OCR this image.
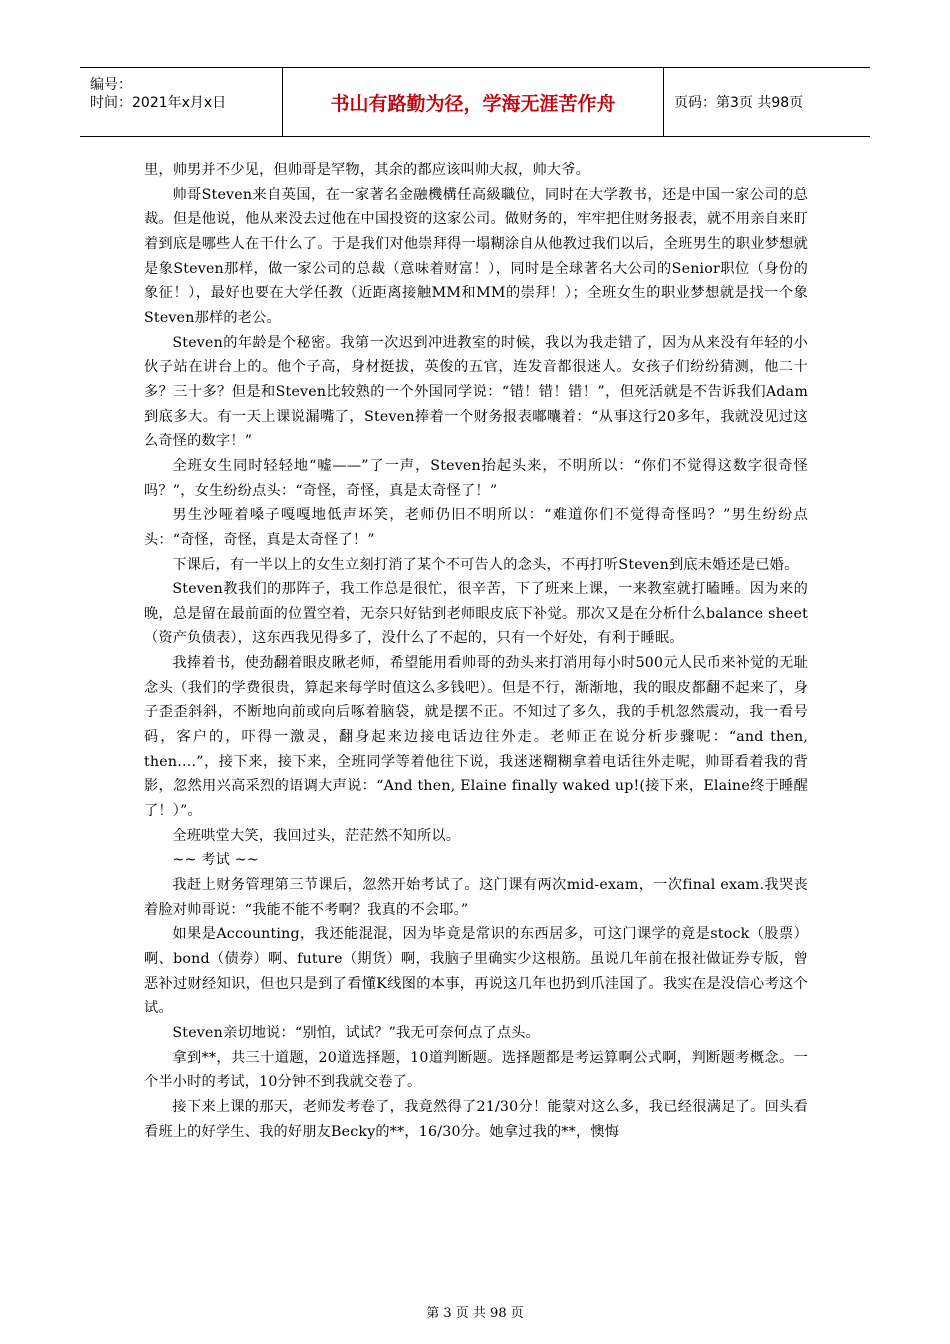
编号：
时间：2021年x月x日	书山有路勤为径，学海无涯苦作舟	页码：第3页 共98页

里，帅男并不少见，但帅哥是罕物，其余的都应该叫帅大叔，帅大爷。

帅哥Steven来自英国，在一家著名金融機構任高級職位，同时在大学教书，还是中国一家公司的总裁。但是他说，他从来没去过他在中国投资的这家公司。做财务的，牢牢把住财务报表，就不用亲自来盯着到底是哪些人在干什么了。于是我们对他崇拜得一塌糊涂自从他教过我们以后，全班男生的职业梦想就是象Steven那样，做一家公司的总裁（意味着财富！），同时是全球著名大公司的Senior职位（身份的象征！），最好也要在大学任教（近距离接触MM和MM的崇拜！）；全班女生的职业梦想就是找一个象Steven那样的老公。

Steven的年龄是个秘密。我第一次迟到冲进教室的时候，我以为我走错了，因为从来没有年轻的小伙子站在讲台上的。他个子高，身材挺拔，英俊的五官，连发音都很迷人。女孩子们纷纷猜测，他二十多？三十多？但是和Steven比较熟的一个外国同学说：“错！错！错！”，但死活就是不告诉我们Adam到底多大。有一天上课说漏嘴了，Steven捧着一个财务报表嘟囔着：“从事这行20多年，我就没见过这么奇怪的数字！”

全班女生同时轻轻地“嘘——”了一声，Steven抬起头来，不明所以：“你们不觉得这数字很奇怪吗？”，女生纷纷点头：“奇怪，奇怪，真是太奇怪了！”

男生沙哑着嗓子嘎嘎地低声坏笑，老师仍旧不明所以：“难道你们不觉得奇怪吗？”男生纷纷点头：“奇怪，奇怪，真是太奇怪了！”

下课后，有一半以上的女生立刻打消了某个不可告人的念头，不再打听Steven到底未婚还是已婚。

Steven教我们的那阵子，我工作总是很忙，很辛苦，下了班来上课，一来教室就打瞌睡。因为来的晚，总是留在最前面的位置空着，无奈只好钻到老师眼皮底下补觉。那次又是在分析什么balance sheet（资产负债表），这东西我见得多了，没什么了不起的，只有一个好处，有利于睡眠。

我捧着书，使劲翻着眼皮瞅老师，希望能用看帅哥的劲头来打消用每小时500元人民币来补觉的无耻念头（我们的学费很贵，算起来每学时值这么多钱吧）。但是不行，渐渐地，我的眼皮都翻不起来了，身子歪歪斜斜，不断地向前或向后啄着脑袋，就是摆不正。不知过了多久，我的手机忽然震动，我一看号码，客户的，吓得一激灵，翻身起来边接电话边往外走。老师正在说分析步骤呢：“and then, then….”，接下来，接下来，全班同学等着他往下说，我迷迷糊糊拿着电话往外走呢，帅哥看着我的背影，忽然用兴高采烈的语调大声说：“And then, Elaine finally waked up!(接下来，Elaine终于睡醒了！）”。

全班哄堂大笑，我回过头，茫茫然不知所以。

~~ 考试 ~~

我赶上财务管理第三节课后，忽然开始考试了。这门课有两次mid-exam，一次final exam.我哭丧着脸对帅哥说：“我能不能不考啊？我真的不会耶。”

如果是Accounting，我还能混混，因为毕竟是常识的东西居多，可这门课学的竟是stock（股票）啊、bond（债券）啊、future（期货）啊，我脑子里确实少这根筋。虽说几年前在报社做证券专版，曾恶补过财经知识，但也只是到了看懂K线图的本事，再说这几年也扔到爪洼国了。我实在是没信心考这个试。

Steven亲切地说：“别怕，试试？”我无可奈何点了点头。

拿到**，共三十道题，20道选择题，10道判断题。选择题都是考运算啊公式啊，判断题考概念。一个半小时的考试，10分钟不到我就交卷了。

接下来上课的那天，老师发考卷了，我竟然得了21/30分！能蒙对这么多，我已经很满足了。回头看看班上的好学生、我的好朋友Becky的**，16/30分。她拿过我的**，懊悔

第 3 页 共 98 页
